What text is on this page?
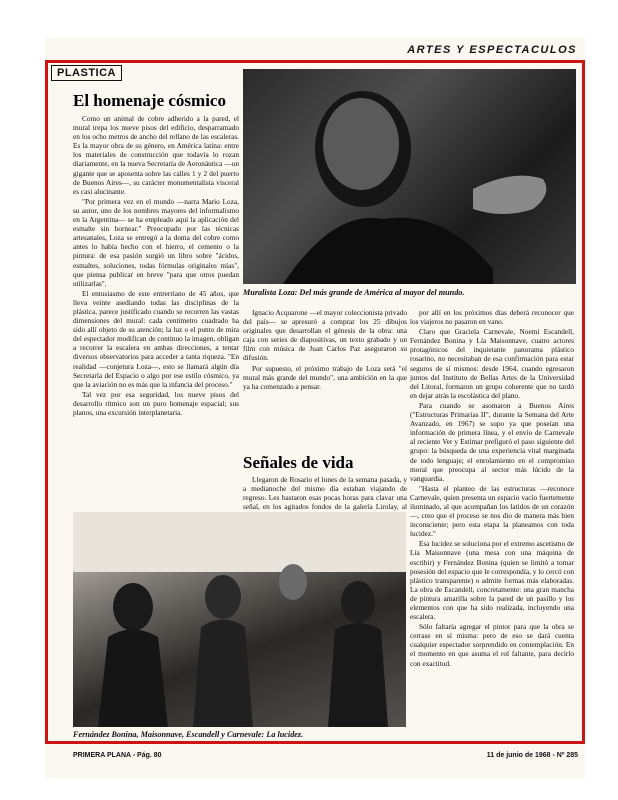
ARTES Y ESPECTACULOS
PLASTICA
El homenaje cósmico

Como un animal de cobre adherido a la pared, el mural trepa los nueve pisos del edificio, desparramado en los ocho metros de ancho del rellano de las escaleras. Es la mayor obra de su género, en América latina: entre los materiales de construcción que todavía lo rozan diariamente, en la nueva Secretaría de Aeronáutica —un gigante que se aposenta sobre las calles 1 y 2 del puerto de Buenos Aires—, su carácter monumentalista visceral es casi alucinante.

"Por primera vez en el mundo —narra Mario Loza, su autor, uno de los nombres mayores del informalismo en la Argentina— se ha empleado aquí la aplicación del esmalte sin hornear." Preocupado por las técnicas artesanales, Loza se entregó a la doma del cobre como antes lo había hecho con el hierro, el cemento o la pintura: de esa pasión surgió un libro sobre "ácidos, esmaltes, soluciones, todas fórmulas originales mías", que piensa publicar en breve "para que otros puedan utilizarlas".

El entusiasmo de este entrerriano de 45 años, que lleva veinte asediando todas las disciplinas de la plástica, parece justificado cuando se recorren las vastas dimensiones del mural: cada centímetro cuadrado ha sido allí objeto de su atención; la luz o el punto de mira del espectador modifican de continuo la imagen, obligan a recorrer la escalera en ambas direcciones, a tentar diversos observatorios para acceder a tanta riqueza. "En realidad —conjetura Loza—, esto se llamará algún día Secretaría del Espacio o algo por ese estilo cósmico, ya que la aviación no es más que la infancia del proceso."

Tal vez por esa seguridad, los nueve pisos del desarrollo rítmico son un puro homenaje espacial; sus planos, una excursión interplanetaria.

Muralista Loza: Del más grande de América al mayor del mundo.

Ignacio Acquarone —el mayor coleccionista privado del país— se apresuró a comprar los 25 dibujos originales que desarrollan el génesis de la obra: una caja con series de diapositivas, un texto grabado y un film con música de Juan Carlos Paz aseguraron su difusión.

Por supuesto, el próximo trabajo de Loza será "el mural más grande del mundo", una ambición en la que ya ha comenzado a pensar.

Señales de vida

Llegaron de Rosario el lunes de la semana pasada, y a medianoche del mismo día estaban viajando de regreso. Les bastaron esas pocas horas para clavar una señal, en los agitados fondos de la galería Lirolay, al

por allí en los próximos días deberá reconocer que los viajeros no pasaron en vano.

Claro que Graciela Carnevale, Noemí Escandell, Fernández Bonina y Lía Maisonnave, cuatro actores protagónicos del inquietante panorama plástico rosarino, no necesitaban de esa confirmación para estar seguros de sí mismos: desde 1964, cuando egresaron juntos del Instituto de Bellas Artes de la Universidad del Litoral, formaron un grupo coherente que no tardó en dejar atrás la escolástica del plano.

Para cuando se asomaron a Buenos Aires ("Estructuras Primarias II", durante la Semana del Arte Avanzado, en 1967) se supo ya que poseían una información de primera línea, y el envío de Carnevale al reciente Ver y Estimar prefiguró el paso siguiente del grupo: la búsqueda de una experiencia vital marginada de todo lenguaje; el enrolamiento en el compromiso moral que preocupa al sector más lúcido de la vanguardia.

"Hasta el planteo de las estructuras —reconoce Carnevale, quien presenta un espacio vacío fuertemente iluminado, al que acompañan los latidos de un corazón—, creo que el proceso se nos dio de manera más bien inconsciente; pero esta etapa la planeamos con toda lucidez."

Esa lucidez se soluciona por el extremo ascetismo de Lía Maisonnave (una mesa con una máquina de escribir) y Fernández Bonina (quien se limitó a tomar posesión del espacio que le correspondía, y lo cercó con plástico transparente) o admite formas más elaboradas. La obra de Escandell, concretamente: una gran mancha de pintura amarilla sobre la pared de un pasillo y los elementos con que ha sido realizada, incluyendo una escalera.

Sólo faltaría agregar el pintor para que la obra se cerrase en sí misma: pero de eso se dará cuenta cualquier espectador sorprendido en contemplación. En el momento en que asuma el rol faltante, para decirlo con exactitud.

Fernández Bonina, Maisonnave, Escandell y Carnevale: La lucidez.
PRIMERA PLANA - Pág. 80	11 de junio de 1968 - Nº 285
